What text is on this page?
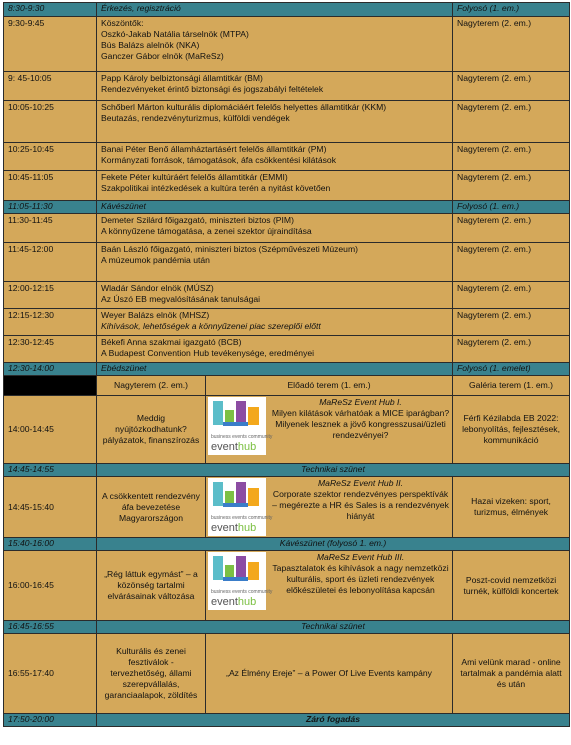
8:30-9:30	Érkezés, regisztráció		Folyosó (1. em.)
9:30-9:45	Köszöntők:
Oszkó-Jakab Natália társelnök (MTPA)
Bús Balázs alelnök (NKA)
Ganczer Gábor elnök (MaReSz)		Nagyterem (2. em.)
9: 45-10:05	Papp Károly belbiztonsági államtitkár (BM)
Rendezvényeket érintő biztonsági és jogszabályi feltételek		Nagyterem (2. em.)
10:05-10:25	Schőberl Márton kulturális diplomáciáért felelős helyettes államtitkár (KKM)
Beutazás, rendezvényturizmus, külföldi vendégek		Nagyterem (2. em.)
10:25-10:45	Banai Péter Benő államháztartásért felelős államtitkár (PM)
Kormányzati források, támogatások, áfa csökkentési kilátások		Nagyterem (2. em.)
10:45-11:05	Fekete Péter kultúráért felelős államtitkár (EMMI)
Szakpolitikai intézkedések a kultúra terén a nyitást követően		Nagyterem (2. em.)
11:05-11:30	Kávészünet		Folyosó (1. em.)
11:30-11:45	Demeter Szilárd főigazgató, miniszteri biztos (PIM)
A könnyűzene támogatása, a zenei szektor újraindítása		Nagyterem (2. em.)
11:45-12:00	Baán László főigazgató, miniszteri biztos (Szépművészeti Múzeum)
A múzeumok pandémia után		Nagyterem (2. em.)
12:00-12:15	Wladár Sándor elnök (MÚSZ)
Az Úszó EB megvalósításának tanulságai		Nagyterem (2. em.)
12:15-12:30	Weyer Balázs elnök (MHSZ)
Kihívások, lehetőségek a könnyűzenei piac szereplői előtt		Nagyterem (2. em.)
12:30-12:45	Békefi Anna szakmai igazgató (BCB)
A Budapest Convention Hub tevékenysége, eredményei		Nagyterem (2. em.)
12:30-14:00	Ebédszünet		Folyosó (1. emelet)
	Nagyterem (2. em.)	Előadó terem (1. em.)	Galéria terem (1. em.)
14:00-14:45	Meddig nyújtózkodhatunk? pályázatok, finanszírozás	business events community
eventhub
MaReSz Event Hub I.
Milyen kilátások várhatóak a MICE iparágban? Milyenek lesznek a jövő kongresszusai/üzleti rendezvényei?	Férfi Kézilabda EB 2022: lebonyolítás, fejlesztések, kommunikáció
14:45-14:55	Technikai szünet		
14:45-15:40	A csökkentett rendezvény áfa bevezetése Magyarországon	business events community
eventhub
MaReSz Event Hub II.
Corporate szektor rendezvényes perspektívák – megérezte a HR és Sales is a rendezvények hiányát	Hazai vizeken: sport, turizmus, élmények
15:40-16:00	Kávészünet (folyosó 1. em.)		
16:00-16:45	„Rég láttuk egymást” – a közönség tartalmi elvárásainak változása	business events community
eventhub
MaReSz Event Hub III.
Tapasztalatok és kihívások a nagy nemzetközi kulturális, sport és üzleti rendezvények előkészületei és lebonyolítása kapcsán	Poszt-covid nemzetközi turnék, külföldi koncertek
16:45-16:55	Technikai szünet		
16:55-17:40	Kulturális és zenei fesztiválok - tervezhetőség, állami szerepvállalás, garanciaalapok, zöldítés	„Az Élmény Ereje” – a Power Of Live Events kampány	Ami velünk marad - online tartalmak a pandémia alatt és után
17:50-20:00	Záró fogadás		
